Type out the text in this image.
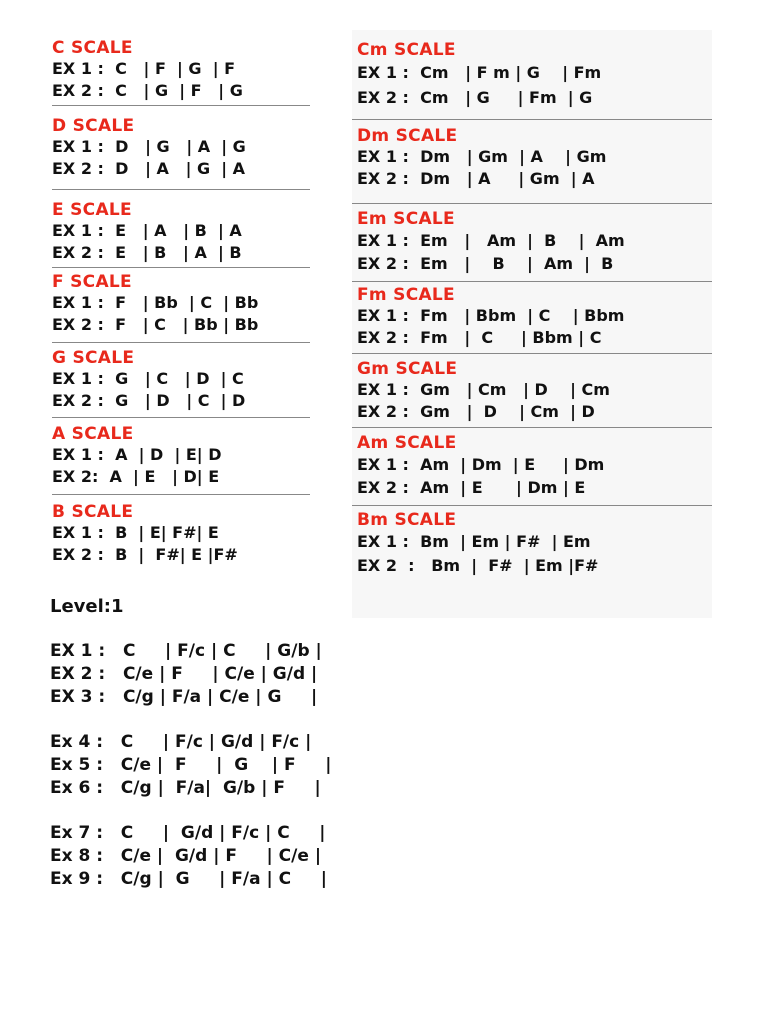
C SCALE
EX 1 :  C   | F  | G  | F
EX 2 :  C   | G  | F   | G
D SCALE
EX 1 :  D   | G   | A  | G
EX 2 :  D   | A   | G  | A
E SCALE
EX 1 :  E   | A   | B  | A
EX 2 :  E   | B   | A  | B
F SCALE
EX 1 :  F   | Bb  | C  | Bb
EX 2 :  F   | C   | Bb | Bb
G SCALE
EX 1 :  G   | C   | D  | C
EX 2 :  G   | D   | C  | D
A SCALE
EX 1 :  A  | D  | E| D
EX 2:  A  | E   | D| E
B SCALE
EX 1 :  B  | E| F#| E
EX 2 :  B  |  F#| E |F#
Cm SCALE
EX 1 :  Cm   | F m | G    | Fm
EX 2 :  Cm   | G     | Fm  | G
Dm SCALE
EX 1 :  Dm   | Gm  | A    | Gm
EX 2 :  Dm   | A     | Gm  | A
Em SCALE
EX 1 :  Em   |   Am  |  B    |  Am
EX 2 :  Em   |    B    |  Am  |  B
Fm SCALE
EX 1 :  Fm   | Bbm  | C    | Bbm
EX 2 :  Fm   |  C     | Bbm | C
Gm SCALE
EX 1 :  Gm   | Cm   | D    | Cm
EX 2 :  Gm   |  D    | Cm  | D
Am SCALE
EX 1 :  Am  | Dm  | E     | Dm
EX 2 :  Am  | E      | Dm | E
Bm SCALE
EX 1 :  Bm  | Em | F#  | Em
EX 2  :   Bm  |  F#  | Em |F#
Level:1
EX 1 :   C     | F/c | C     | G/b |
EX 2 :   C/e | F     | C/e | G/d |
EX 3 :   C/g | F/a | C/e | G     |
Ex 4 :   C     | F/c | G/d | F/c |
Ex 5 :   C/e |  F     |  G    | F     |
Ex 6 :   C/g |  F/a|  G/b | F     |
Ex 7 :   C     |  G/d | F/c | C     |
Ex 8 :   C/e |  G/d | F     | C/e |
Ex 9 :   C/g |  G     | F/a | C     |
